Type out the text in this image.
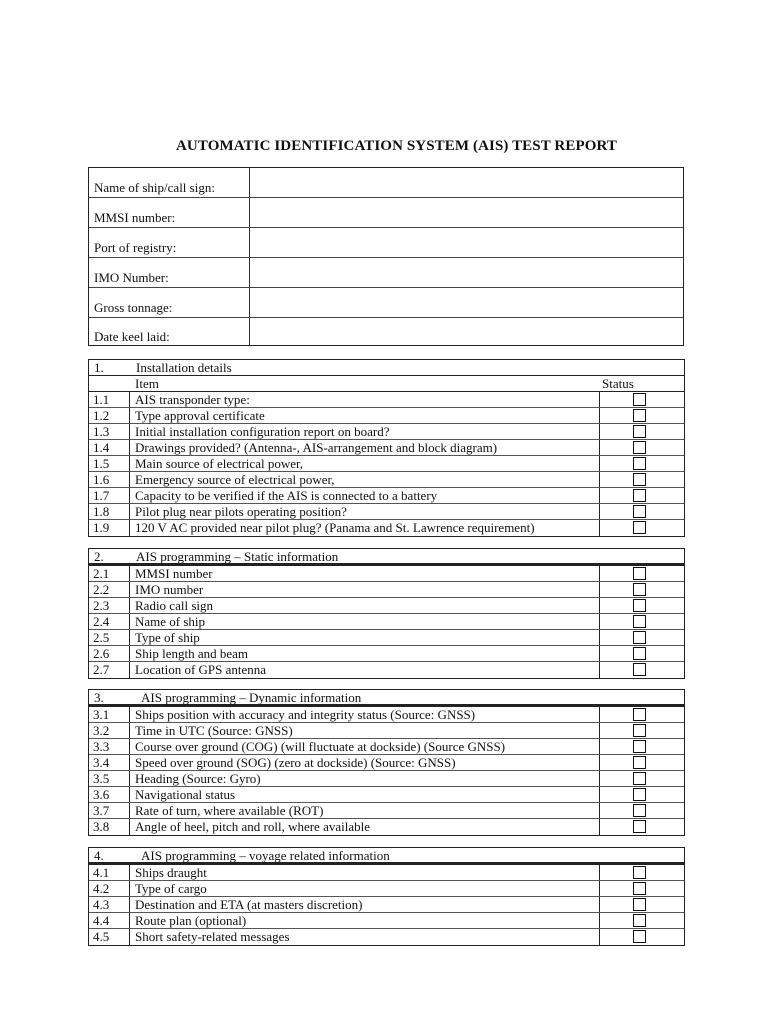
AUTOMATIC IDENTIFICATION SYSTEM (AIS) TEST REPORT
Name of ship/call sign:
MMSI number:
Port of registry:
IMO Number:
Gross tonnage:
Date keel laid:
1. Installation details
Item	Status
1.1 AIS transponder type:
1.2 Type approval certificate
1.3 Initial installation configuration report on board?
1.4 Drawings provided? (Antenna-, AIS-arrangement and block diagram)
1.5 Main source of electrical power,
1.6 Emergency source of electrical power,
1.7 Capacity to be verified if the AIS is connected to a battery
1.8 Pilot plug near pilots operating position?
1.9 120 V AC provided near pilot plug? (Panama and St. Lawrence requirement)
2. AIS programming – Static information
2.1 MMSI number
2.2 IMO number
2.3 Radio call sign
2.4 Name of ship
2.5 Type of ship
2.6 Ship length and beam
2.7 Location of GPS antenna
3.	AIS programming – Dynamic information
3.1 Ships position with accuracy and integrity status (Source: GNSS)
3.2 Time in UTC (Source: GNSS)
3.3 Course over ground (COG) (will fluctuate at dockside) (Source GNSS)
3.4 Speed over ground (SOG) (zero at dockside) (Source: GNSS)
3.5 Heading (Source: Gyro)
3.6 Navigational status
3.7 Rate of turn, where available (ROT)
3.8 Angle of heel, pitch and roll, where available
4.	AIS programming – voyage related information
4.1 Ships draught
4.2 Type of cargo
4.3 Destination and ETA (at masters discretion)
4.4 Route plan (optional)
4.5 Short safety-related messages
